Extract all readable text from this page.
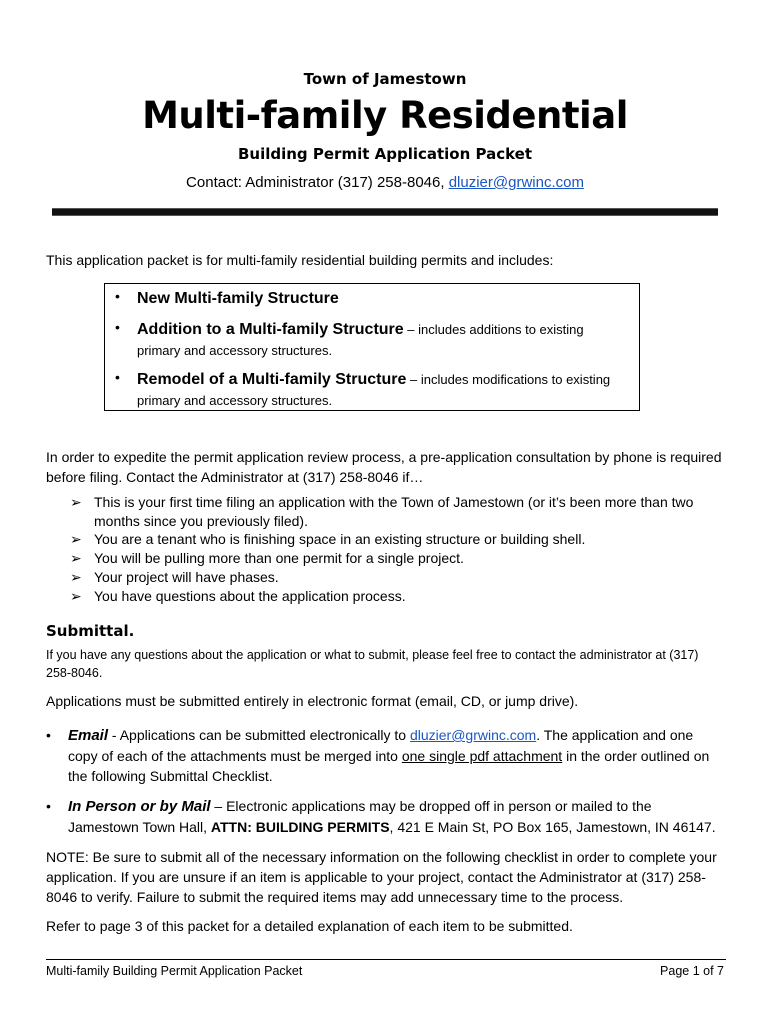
Town of Jamestown
Multi-family Residential
Building Permit Application Packet
Contact: Administrator (317) 258-8046, dluzier@grwinc.com
This application packet is for multi-family residential building permits and includes:
• New Multi-family Structure
• Addition to a Multi-family Structure – includes additions to existing primary and accessory structures.
• Remodel of a Multi-family Structure – includes modifications to existing primary and accessory structures.
In order to expedite the permit application review process, a pre-application consultation by phone is required before filing. Contact the Administrator at (317) 258-8046 if…
➢ This is your first time filing an application with the Town of Jamestown (or it’s been more than two months since you previously filed).
➢ You are a tenant who is finishing space in an existing structure or building shell.
➢ You will be pulling more than one permit for a single project.
➢ Your project will have phases.
➢ You have questions about the application process.
Submittal.
If you have any questions about the application or what to submit, please feel free to contact the administrator at (317) 258-8046.
Applications must be submitted entirely in electronic format (email, CD, or jump drive).
• Email - Applications can be submitted electronically to dluzier@grwinc.com. The application and one copy of each of the attachments must be merged into one single pdf attachment in the order outlined on the following Submittal Checklist.
• In Person or by Mail – Electronic applications may be dropped off in person or mailed to the Jamestown Town Hall, ATTN: BUILDING PERMITS, 421 E Main St, PO Box 165, Jamestown, IN 46147.
NOTE: Be sure to submit all of the necessary information on the following checklist in order to complete your application. If you are unsure if an item is applicable to your project, contact the Administrator at (317) 258-8046 to verify. Failure to submit the required items may add unnecessary time to the process.
Refer to page 3 of this packet for a detailed explanation of each item to be submitted.
Multi-family Building Permit Application Packet	Page 1 of 7
